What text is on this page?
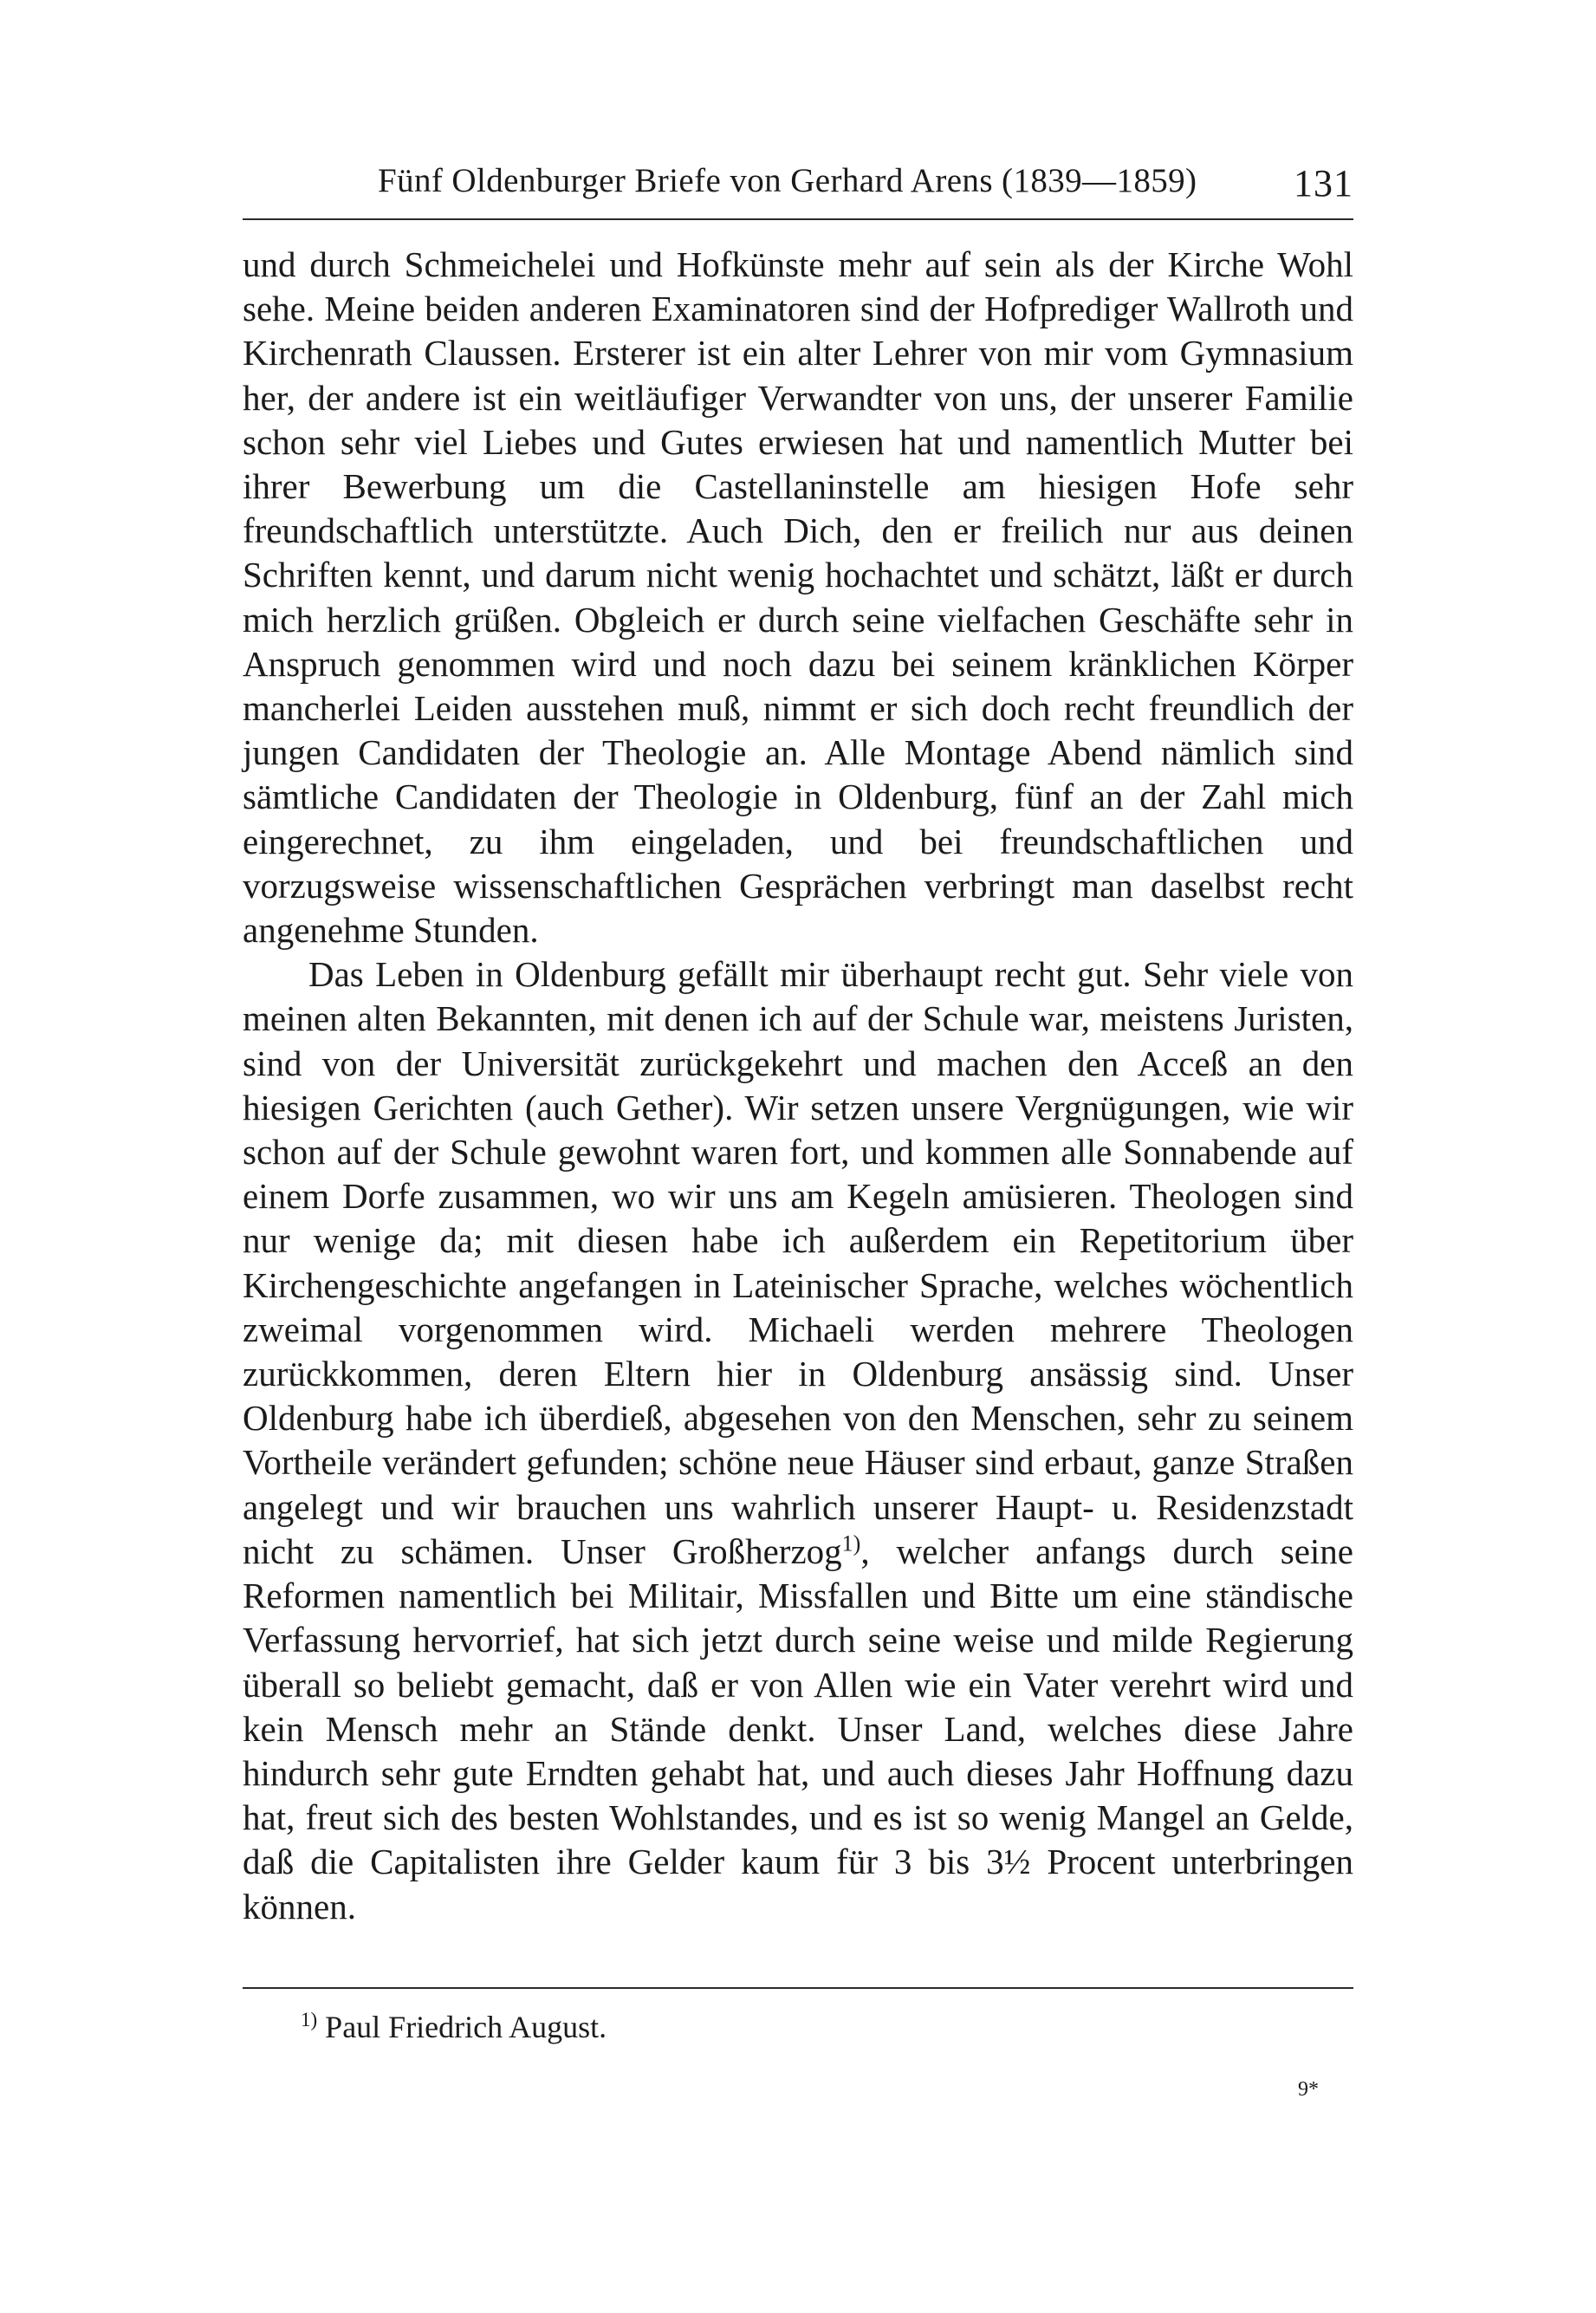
Fünf Oldenburger Briefe von Gerhard Arens (1839—1859)	131

und durch Schmeichelei und Hofkünste mehr auf sein als der Kirche Wohl sehe. Meine beiden anderen Examinatoren sind der Hofprediger Wallroth und Kirchenrath Claussen. Ersterer ist ein alter Lehrer von mir vom Gymnasium her, der andere ist ein weitläufiger Verwandter von uns, der unserer Familie schon sehr viel Liebes und Gutes erwiesen hat und namentlich Mutter bei ihrer Bewerbung um die Castellaninstelle am hiesigen Hofe sehr freundschaftlich unterstützte. Auch Dich, den er freilich nur aus deinen Schriften kennt, und darum nicht wenig hochachtet und schätzt, läßt er durch mich herzlich grüßen. Obgleich er durch seine vielfachen Geschäfte sehr in Anspruch genommen wird und noch dazu bei seinem kränklichen Körper mancherlei Leiden ausstehen muß, nimmt er sich doch recht freundlich der jungen Candidaten der Theologie an. Alle Montage Abend nämlich sind sämtliche Candidaten der Theologie in Oldenburg, fünf an der Zahl mich eingerechnet, zu ihm eingeladen, und bei freundschaftlichen und vorzugsweise wissenschaftlichen Gesprächen verbringt man daselbst recht angenehme Stunden.

Das Leben in Oldenburg gefällt mir überhaupt recht gut. Sehr viele von meinen alten Bekannten, mit denen ich auf der Schule war, meistens Juristen, sind von der Universität zurückgekehrt und machen den Acceß an den hiesigen Gerichten (auch Gether). Wir setzen unsere Vergnügungen, wie wir schon auf der Schule gewohnt waren fort, und kommen alle Sonnabende auf einem Dorfe zusammen, wo wir uns am Kegeln amüsieren. Theologen sind nur wenige da; mit diesen habe ich außerdem ein Repetitorium über Kirchengeschichte angefangen in Lateinischer Sprache, welches wöchentlich zweimal vorgenommen wird. Michaeli werden mehrere Theologen zurückkommen, deren Eltern hier in Oldenburg ansässig sind. Unser Oldenburg habe ich überdieß, abgesehen von den Menschen, sehr zu seinem Vortheile verändert gefunden; schöne neue Häuser sind erbaut, ganze Straßen angelegt und wir brauchen uns wahrlich unserer Haupt- u. Residenzstadt nicht zu schämen. Unser Großherzog$^{1)}$, welcher anfangs durch seine Reformen namentlich bei Militair, Missfallen und Bitte um eine ständische Verfassung hervorrief, hat sich jetzt durch seine weise und milde Regierung überall so beliebt gemacht, daß er von Allen wie ein Vater verehrt wird und kein Mensch mehr an Stände denkt. Unser Land, welches diese Jahre hindurch sehr gute Erndten gehabt hat, und auch dieses Jahr Hoffnung dazu hat, freut sich des besten Wohlstandes, und es ist so wenig Mangel an Gelde, daß die Capitalisten ihre Gelder kaum für 3 bis 3½ Procent unterbringen können.

$^{1)}$ Paul Friedrich August.
9*
